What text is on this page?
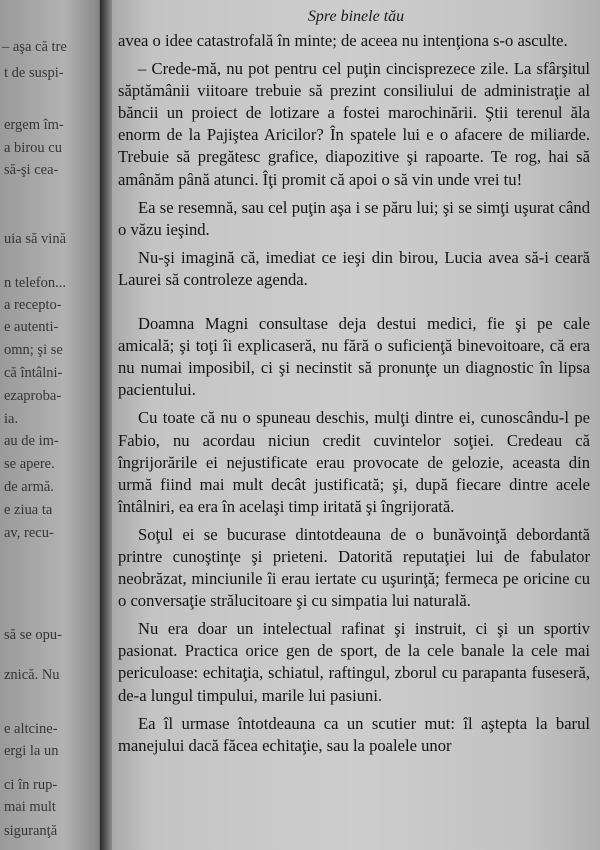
– aşa că tre
t de suspi-
ergem îm-
a birou cu
să-şi cea-
uia să vină
n telefon...
a recepto-
e autenti-
omn; şi se
că întâlni-
ezaproba-
ia.
au de im-
se apere.
de armă.
e ziua ta
av, recu-
să se opu-
znică. Nu
e altcine-
ergi la un
ci în rup-
mai mult
siguranţă
Spre binele tău

avea o idee catastrofală în minte; de aceea nu intenţiona s-o asculte.

– Crede-mă, nu pot pentru cel puţin cincisprezece zile. La sfârşitul săptămânii viitoare trebuie să prezint consiliului de administraţie al băncii un proiect de lotizare a fostei marochinării. Ştii terenul ăla enorm de la Pajiştea Aricilor? În spatele lui e o afacere de miliarde. Trebuie să pregătesc grafice, diapozitive şi rapoarte. Te rog, hai să amânăm până atunci. Îţi promit că apoi o să vin unde vrei tu!

Ea se resemnă, sau cel puţin aşa i se păru lui; şi se simţi uşurat când o văzu ieşind.

Nu-şi imagină că, imediat ce ieşi din birou, Lucia avea să-i ceară Laurei să controleze agenda.

Doamna Magni consultase deja destui medici, fie şi pe cale amicală; şi toţi îi explicaseră, nu fără o suficienţă binevoitoare, că era nu numai imposibil, ci şi necinstit să pronunţe un diagnostic în lipsa pacientului.

Cu toate că nu o spuneau deschis, mulţi dintre ei, cunoscându-l pe Fabio, nu acordau niciun credit cuvintelor soţiei. Credeau că îngrijorările ei nejustificate erau provocate de gelozie, aceasta din urmă fiind mai mult decât justificată; şi, după fiecare dintre acele întâlniri, ea era în acelaşi timp iritată şi îngrijorată.

Soţul ei se bucurase dintotdeauna de o bunăvoinţă debordantă printre cunoştinţe şi prieteni. Datorită reputaţiei lui de fabulator neobrăzat, minciunile îi erau iertate cu uşurinţă; fermeca pe oricine cu o conversaţie strălucitoare şi cu simpatia lui naturală.

Nu era doar un intelectual rafinat şi instruit, ci şi un sportiv pasionat. Practica orice gen de sport, de la cele banale la cele mai periculoase: echitaţia, schiatul, raftingul, zborul cu parapanta fuseseră, de-a lungul timpului, marile lui pasiuni.

Ea îl urmase întotdeauna ca un scutier mut: îl aştepta la barul manejului dacă făcea echitaţie, sau la poalele unor
